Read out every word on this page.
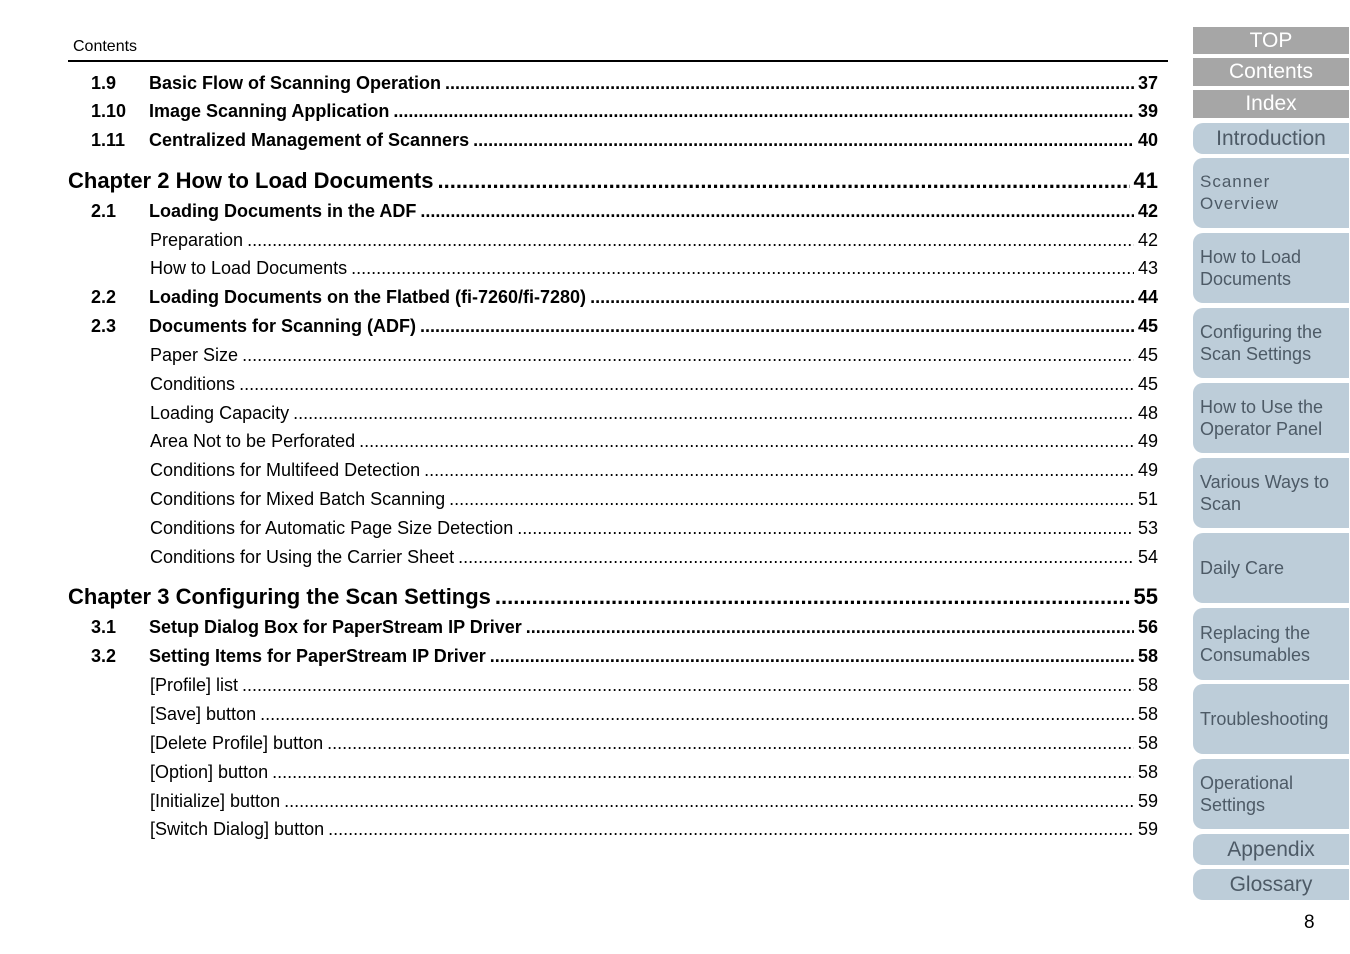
Contents
1.9	Basic Flow of Scanning Operation .....	37
1.10	Image Scanning Application .....	39
1.11	Centralized Management of Scanners .....	40
Chapter 2 How to Load Documents .....	41
2.1	Loading Documents in the ADF .....	42
Preparation .....	42
How to Load Documents .....	43
2.2	Loading Documents on the Flatbed (fi-7260/fi-7280) .....	44
2.3	Documents for Scanning (ADF) .....	45
Paper Size .....	45
Conditions .....	45
Loading Capacity .....	48
Area Not to be Perforated .....	49
Conditions for Multifeed Detection .....	49
Conditions for Mixed Batch Scanning .....	51
Conditions for Automatic Page Size Detection .....	53
Conditions for Using the Carrier Sheet .....	54
Chapter 3 Configuring the Scan Settings .....	55
3.1	Setup Dialog Box for PaperStream IP Driver .....	56
3.2	Setting Items for PaperStream IP Driver .....	58
[Profile] list .....	58
[Save] button .....	58
[Delete Profile] button .....	58
[Option] button .....	58
[Initialize] button .....	59
[Switch Dialog] button .....	59
TOP
Contents
Index
Introduction
Scanner Overview
How to Load Documents
Configuring the Scan Settings
How to Use the Operator Panel
Various Ways to Scan
Daily Care
Replacing the Consumables
Troubleshooting
Operational Settings
Appendix
Glossary
8
